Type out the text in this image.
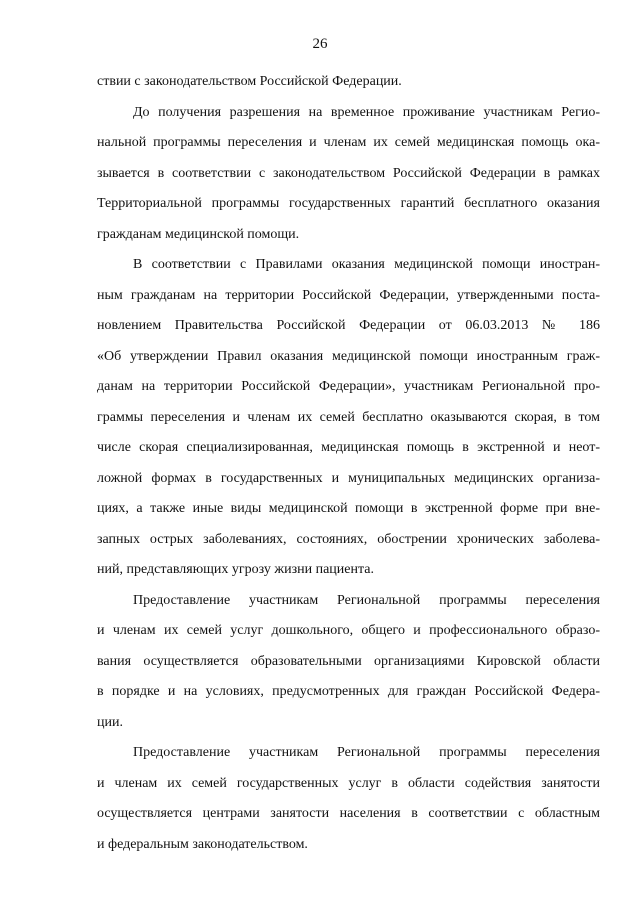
26

ствии с законодательством Российской Федерации.
До получения разрешения на временное проживание участникам Регио-
нальной программы переселения и членам их семей медицинская помощь ока-
зывается в соответствии с законодательством Российской Федерации в рамках
Территориальной программы государственных гарантий бесплатного оказания
гражданам медицинской помощи.
В соответствии с Правилами оказания медицинской помощи иностран-
ным гражданам на территории Российской Федерации, утвержденными поста-
новлением Правительства Российской Федерации от 06.03.2013 № 186
«Об утверждении Правил оказания медицинской помощи иностранным граж-
данам на территории Российской Федерации», участникам Региональной про-
граммы переселения и членам их семей бесплатно оказываются скорая, в том
числе скорая специализированная, медицинская помощь в экстренной и неот-
ложной формах в государственных и муниципальных медицинских организа-
циях, а также иные виды медицинской помощи в экстренной форме при вне-
запных острых заболеваниях, состояниях, обострении хронических заболева-
ний, представляющих угрозу жизни пациента.
Предоставление участникам Региональной программы переселения
и членам их семей услуг дошкольного, общего и профессионального образо-
вания осуществляется образовательными организациями Кировской области
в порядке и на условиях, предусмотренных для граждан Российской Федера-
ции.
Предоставление участникам Региональной программы переселения
и членам их семей государственных услуг в области содействия занятости
осуществляется центрами занятости населения в соответствии с областным
и федеральным законодательством.
